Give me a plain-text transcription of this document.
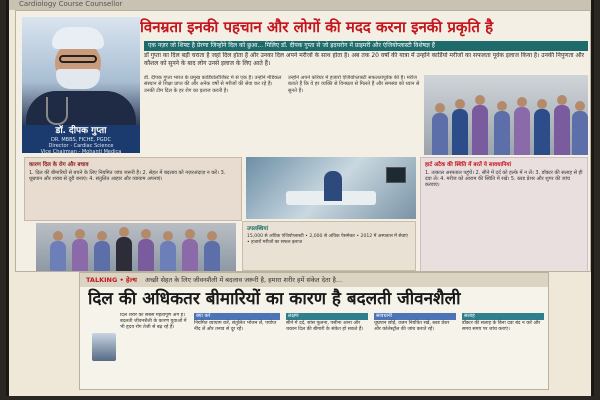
Cardiology Course Counsellor
डॉ. दीपक गुप्ता
DR. MBBS, FICHE, PGDC
Director - Cardiac Science
Vice Chairman - Mohanti Medica
विनम्रता इनकी पहचान और लोगों की मदद करना इनकी प्रकृति है
एक नज़र जो शिफ्ट है प्रेरणा जिन्होंने दिल को छुआ... मिलिए डॉ. दीपक गुप्ता से जो ह्रदयरोग में प्राइमरी और एंजियोप्लास्टी विशेषज्ञ हैं
डॉ गुप्ता का दिल बड़ी चराता है जहां दिल होता है और उनका दिल अपने मरीजों के साथ होता है। अब तक 20 वर्षों की यात्रा में उन्होंने कार्डियो मरीजों का सफलता पूर्वक इलाज किया है। उनकी निपुणता और कौशल को सुनने के बाद लोग उनसे इलाज के लिए आते हैं।
डॉ. दीपक गुप्ता भारत के प्रमुख कार्डियोलॉजिस्ट में से एक हैं। उन्होंने मेडिकल संस्थान से शिक्षा प्राप्त की और अनेक वर्षों से मरीजों की सेवा कर रहे हैं। उनकी टीम दिल के हर रोग का इलाज करती है।
उन्होंने अपने करियर में हजारों एंजियोप्लास्टी सफलतापूर्वक की हैं। मरीज बताते हैं कि वे हर व्यक्ति से विनम्रता से मिलते हैं और समस्या को ध्यान से सुनते हैं।
कारण दिल के रोग और बचाव
1. दिल की बीमारियों से बचने के लिए नियमित जांच जरूरी है। 2. सेहत में बदलाव को नज़रअंदाज़ न करें। 3. धूम्रपान और शराब से दूरी बनाएं। 4. संतुलित आहार और व्यायाम अपनाएं।
हार्ट अटैक की स्थिति में बरतें ये सावधानियां
1. तत्काल अस्पताल पहुंचें। 2. सीने में दर्द को हल्के में न लें। 3. डॉक्टर की सलाह से ही दवा लें। 4. मरीज को आराम की स्थिति में रखें। 5. ब्लड प्रेशर और शुगर की जांच करवाएं।
उपलब्धियां
15,000 से अधिक एंजियोप्लास्टी • 2,000 से अधिक पेसमेकर • 2012 में अस्पताल में सेवाएं • हजारों मरीजों का सफल इलाज
TALKING • हेल्थ अच्छी सेहत के लिए जीवनशैली में बदलाव जरूरी है, हमारा शरीर हमें संकेत देता है...
दिल की अधिकतर बीमारियों का कारण है बदलती जीवनशैली
दिल शरीर का सबसे महत्वपूर्ण अंग है। बदलती जीवनशैली के कारण युवाओं में भी हृदय रोग तेजी से बढ़ रहे हैं।
क्या करें
नियमित व्यायाम करें, संतुलित भोजन लें, पर्याप्त नींद लें और तनाव से दूर रहें।
लक्षण
सीने में दर्द, सांस फूलना, पसीना आना और थकान दिल की बीमारी के संकेत हो सकते हैं।
सावधानी
धूम्रपान छोड़ें, वजन नियंत्रित रखें, ब्लड प्रेशर और कोलेस्ट्रॉल की जांच कराते रहें।
सलाह
डॉक्टर की सलाह के बिना दवा बंद न करें और समय समय पर जांच कराएं।
